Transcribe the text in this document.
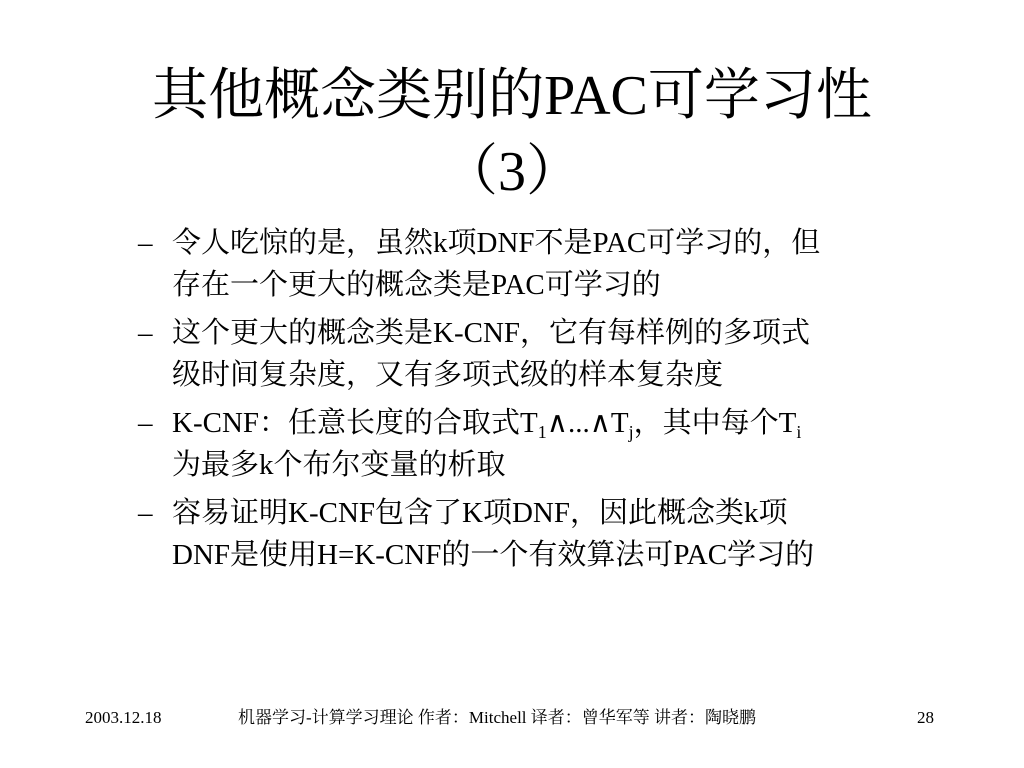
其他概念类别的PAC可学习性
（3）
– 令人吃惊的是，虽然k项DNF不是PAC可学习的，但
存在一个更大的概念类是PAC可学习的
– 这个更大的概念类是K-CNF，它有每样例的多项式
级时间复杂度，又有多项式级的样本复杂度
– K-CNF：任意长度的合取式$T_1\wedge...\wedge T_j$，其中每个$T_i$
为最多k个布尔变量的析取
– 容易证明K-CNF包含了K项DNF，因此概念类k项
DNF是使用H=K-CNF的一个有效算法可PAC学习的
2003.12.18	机器学习-计算学习理论 作者：Mitchell 译者：曾华军等 讲者：陶晓鹏	28
